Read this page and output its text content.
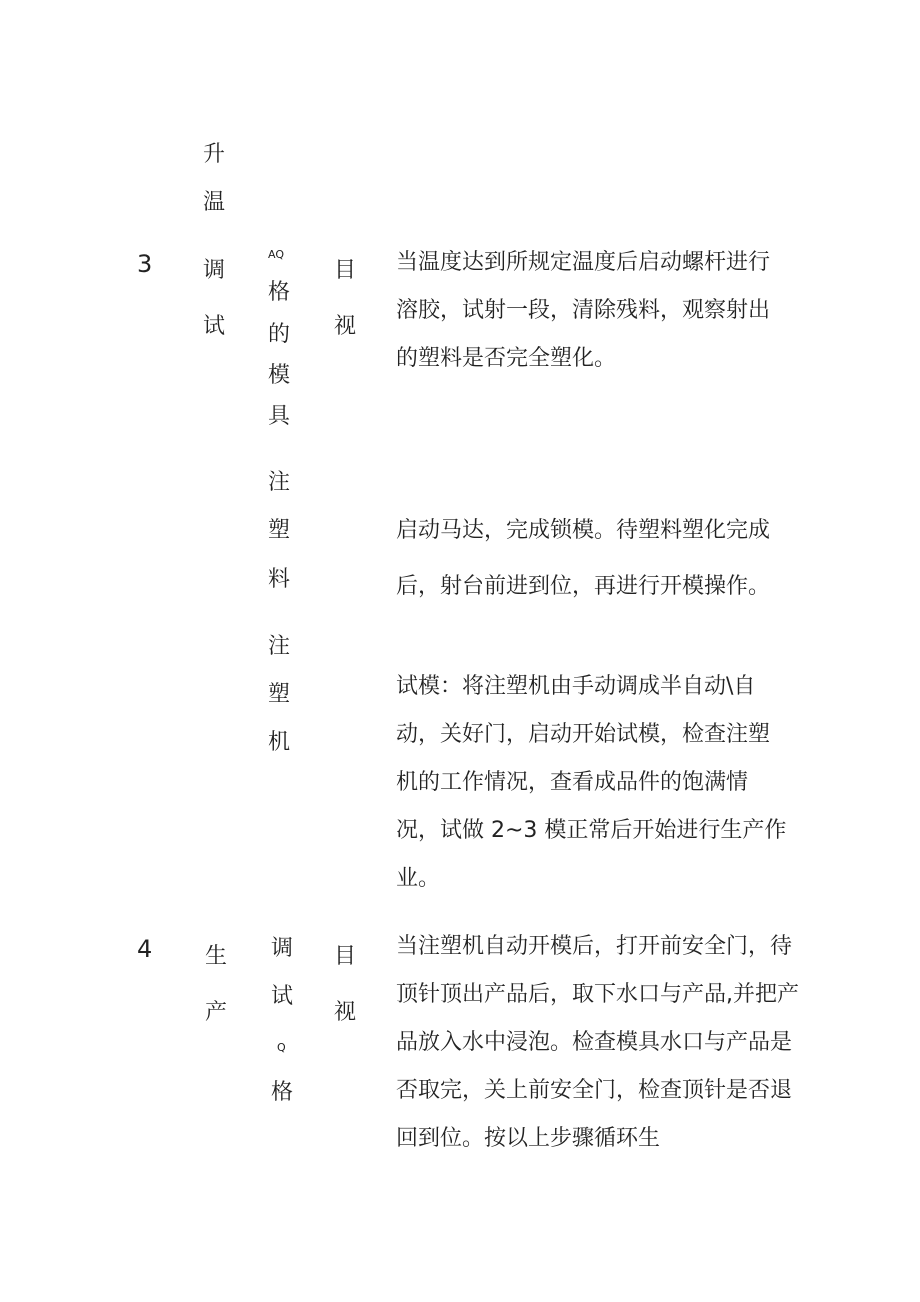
升
温
3 调
试
AQ
格
的
模
具
目
视
当温度达到所规定温度后启动螺杆进行
溶胶，试射一段，清除残料，观察射出
的塑料是否完全塑化。
注
塑
料
启动马达，完成锁模。待塑料塑化完成
后，射台前进到位，再进行开模操作。
注
塑
机
试模：将注塑机由手动调成半自动\自
动，关好门，启动开始试模，检查注塑
机的工作情况，查看成品件的饱满情
况，试做 2~3 模正常后开始进行生产作
业。
4 生
产
调
试
Q
格
目
视
当注塑机自动开模后，打开前安全门，待
顶针顶出产品后，取下水口与产品,并把产
品放入水中浸泡。检查模具水口与产品是
否取完，关上前安全门，检查顶针是否退
回到位。按以上步骤循环生
